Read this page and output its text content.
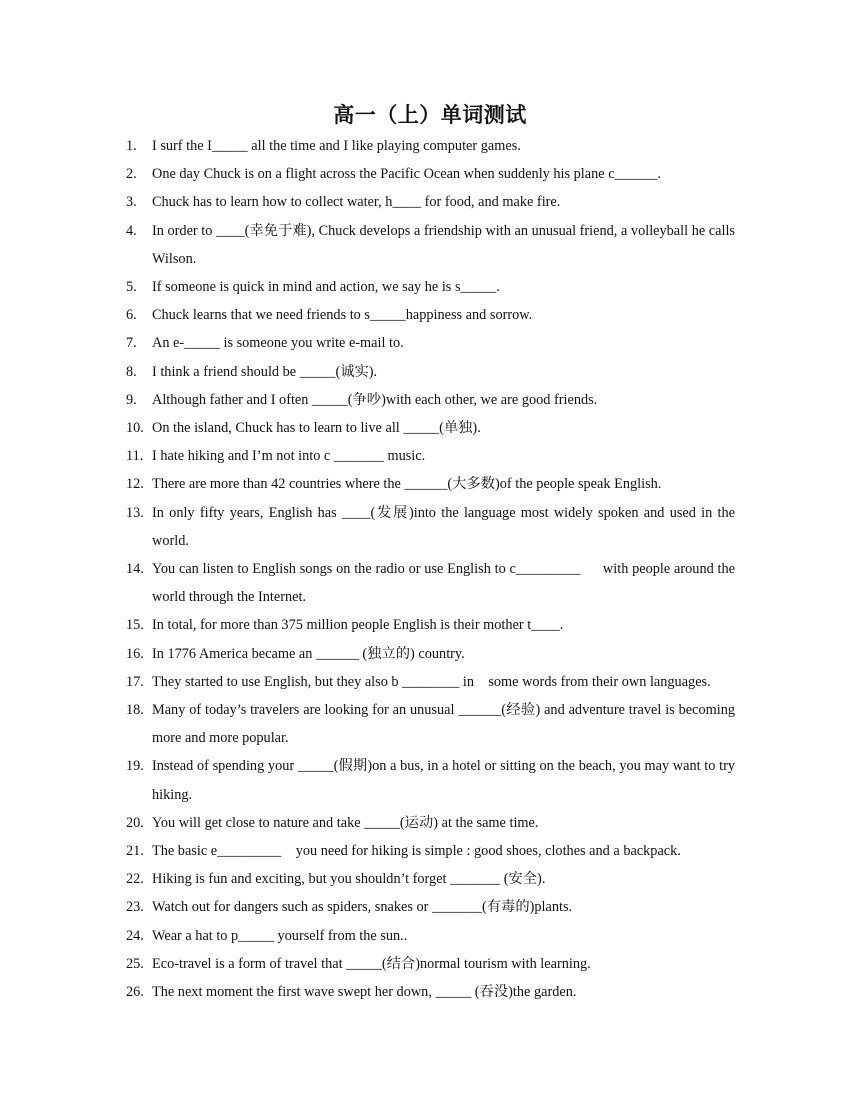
高一（上）单词测试
1. I surf the I_____ all the time and I like playing computer games.
2. One day Chuck is on a flight across the Pacific Ocean when suddenly his plane c______.
3. Chuck has to learn how to collect water, h____ for food, and make fire.
4. In order to ____(幸免于难), Chuck develops a friendship with an unusual friend, a volleyball he calls Wilson.
5. If someone is quick in mind and action, we say he is s_____.
6. Chuck learns that we need friends to s_____happiness and sorrow.
7. An e-_____ is someone you write e-mail to.
8. I think a friend should be _____(诚实).
9. Although father and I often _____(争吵)with each other, we are good friends.
10. On the island, Chuck has to learn to live all _____(单独).
11. I hate hiking and I’m not into c _______ music.
12. There are more than 42 countries where the ______(大多数)of the people speak English.
13. In only fifty years, English has ____(发展)into the language most widely spoken and used in the world.
14. You can listen to English songs on the radio or use English to c_________      with people around the world through the Internet.
15. In total, for more than 375 million people English is their mother t____.
16. In 1776 America became an ______ (独立的) country.
17. They started to use English, but they also b ________ in    some words from their own languages.
18. Many of today’s travelers are looking for an unusual ______(经验) and adventure travel is becoming more and more popular.
19. Instead of spending your _____(假期)on a bus, in a hotel or sitting on the beach, you may want to try hiking.
20. You will get close to nature and take _____(运动) at the same time.
21. The basic e_________    you need for hiking is simple : good shoes, clothes and a backpack.
22. Hiking is fun and exciting, but you shouldn’t forget _______ (安全).
23. Watch out for dangers such as spiders, snakes or _______(有毒的)plants.
24. Wear a hat to p_____ yourself from the sun..
25. Eco-travel is a form of travel that _____(结合)normal tourism with learning.
26. The next moment the first wave swept her down, _____ (吞没)the garden.
